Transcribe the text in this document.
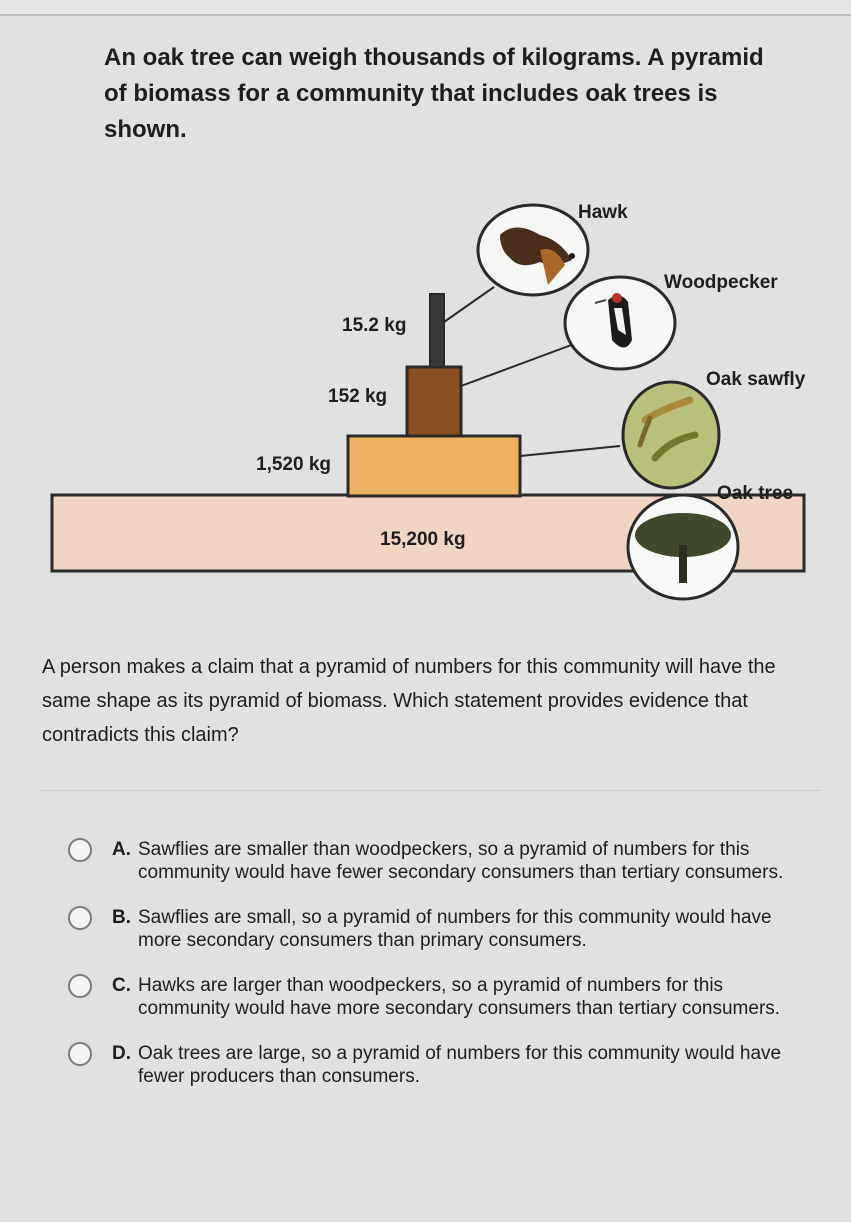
An oak tree can weigh thousands of kilograms. A pyramid of biomass for a community that includes oak trees is shown.
15.2 kg
152 kg
1,520 kg
15,200 kg
Hawk
Woodpecker
Oak sawfly
Oak tree
A person makes a claim that a pyramid of numbers for this community will have the same shape as its pyramid of biomass. Which statement provides evidence that contradicts this claim?
A. Sawflies are smaller than woodpeckers, so a pyramid of numbers for this community would have fewer secondary consumers than tertiary consumers.
B. Sawflies are small, so a pyramid of numbers for this community would have more secondary consumers than primary consumers.
C. Hawks are larger than woodpeckers, so a pyramid of numbers for this community would have more secondary consumers than tertiary consumers.
D. Oak trees are large, so a pyramid of numbers for this community would have fewer producers than consumers.
